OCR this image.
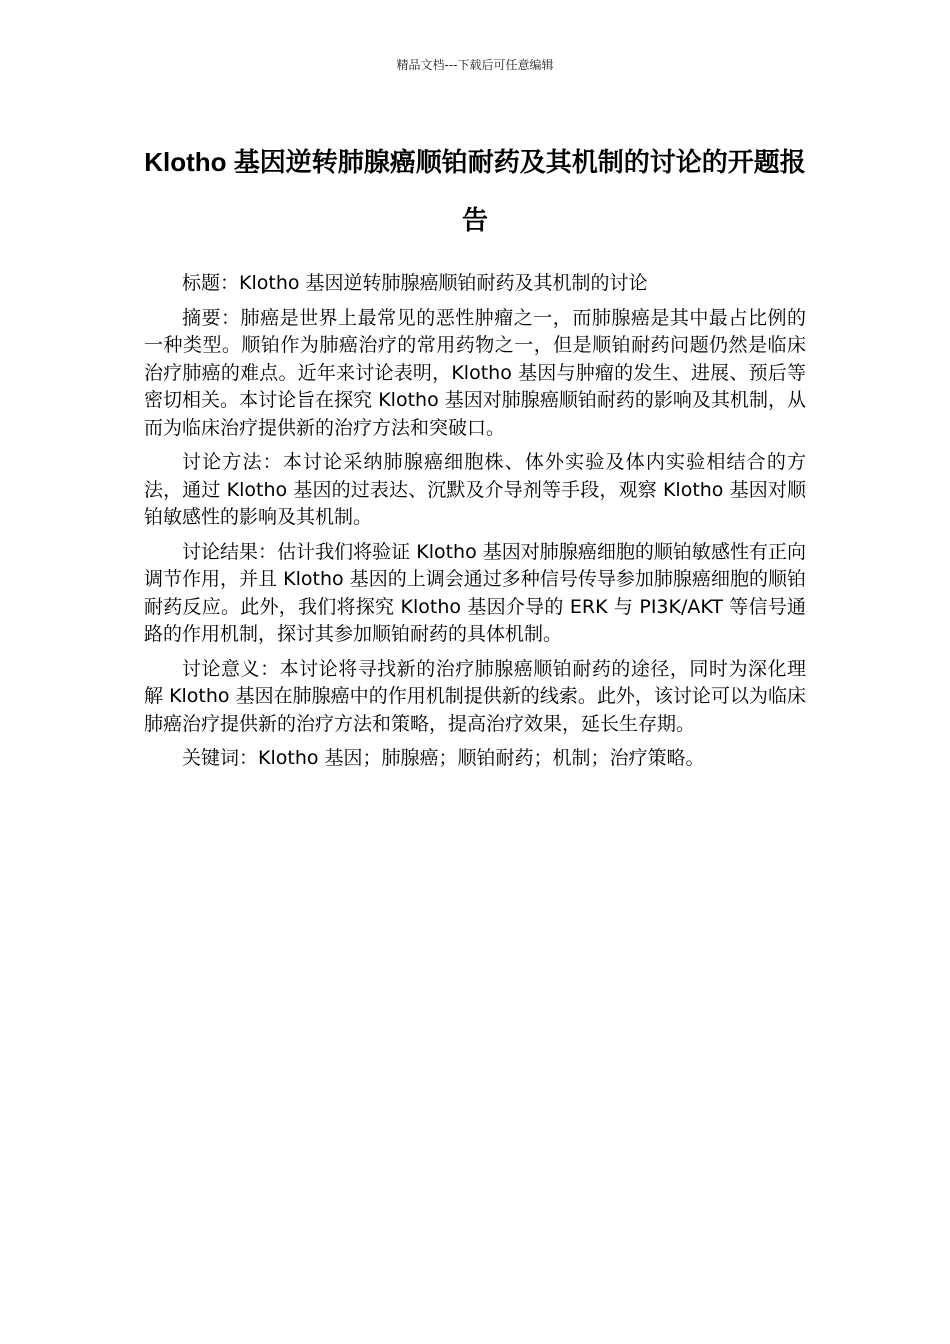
精品文档---下载后可任意编辑
Klotho 基因逆转肺腺癌顺铂耐药及其机制的讨论的开题报告

标题：Klotho 基因逆转肺腺癌顺铂耐药及其机制的讨论

摘要：肺癌是世界上最常见的恶性肿瘤之一，而肺腺癌是其中最占比例的一种类型。顺铂作为肺癌治疗的常用药物之一，但是顺铂耐药问题仍然是临床治疗肺癌的难点。近年来讨论表明，Klotho 基因与肿瘤的发生、进展、预后等密切相关。本讨论旨在探究 Klotho 基因对肺腺癌顺铂耐药的影响及其机制，从而为临床治疗提供新的治疗方法和突破口。

讨论方法：本讨论采纳肺腺癌细胞株、体外实验及体内实验相结合的方法，通过 Klotho 基因的过表达、沉默及介导剂等手段，观察 Klotho 基因对顺铂敏感性的影响及其机制。

讨论结果：估计我们将验证 Klotho 基因对肺腺癌细胞的顺铂敏感性有正向调节作用，并且 Klotho 基因的上调会通过多种信号传导参加肺腺癌细胞的顺铂耐药反应。此外，我们将探究 Klotho 基因介导的 ERK 与 PI3K/AKT 等信号通路的作用机制，探讨其参加顺铂耐药的具体机制。

讨论意义：本讨论将寻找新的治疗肺腺癌顺铂耐药的途径，同时为深化理解 Klotho 基因在肺腺癌中的作用机制提供新的线索。此外，该讨论可以为临床肺癌治疗提供新的治疗方法和策略，提高治疗效果，延长生存期。

关键词：Klotho 基因；肺腺癌；顺铂耐药；机制；治疗策略。
